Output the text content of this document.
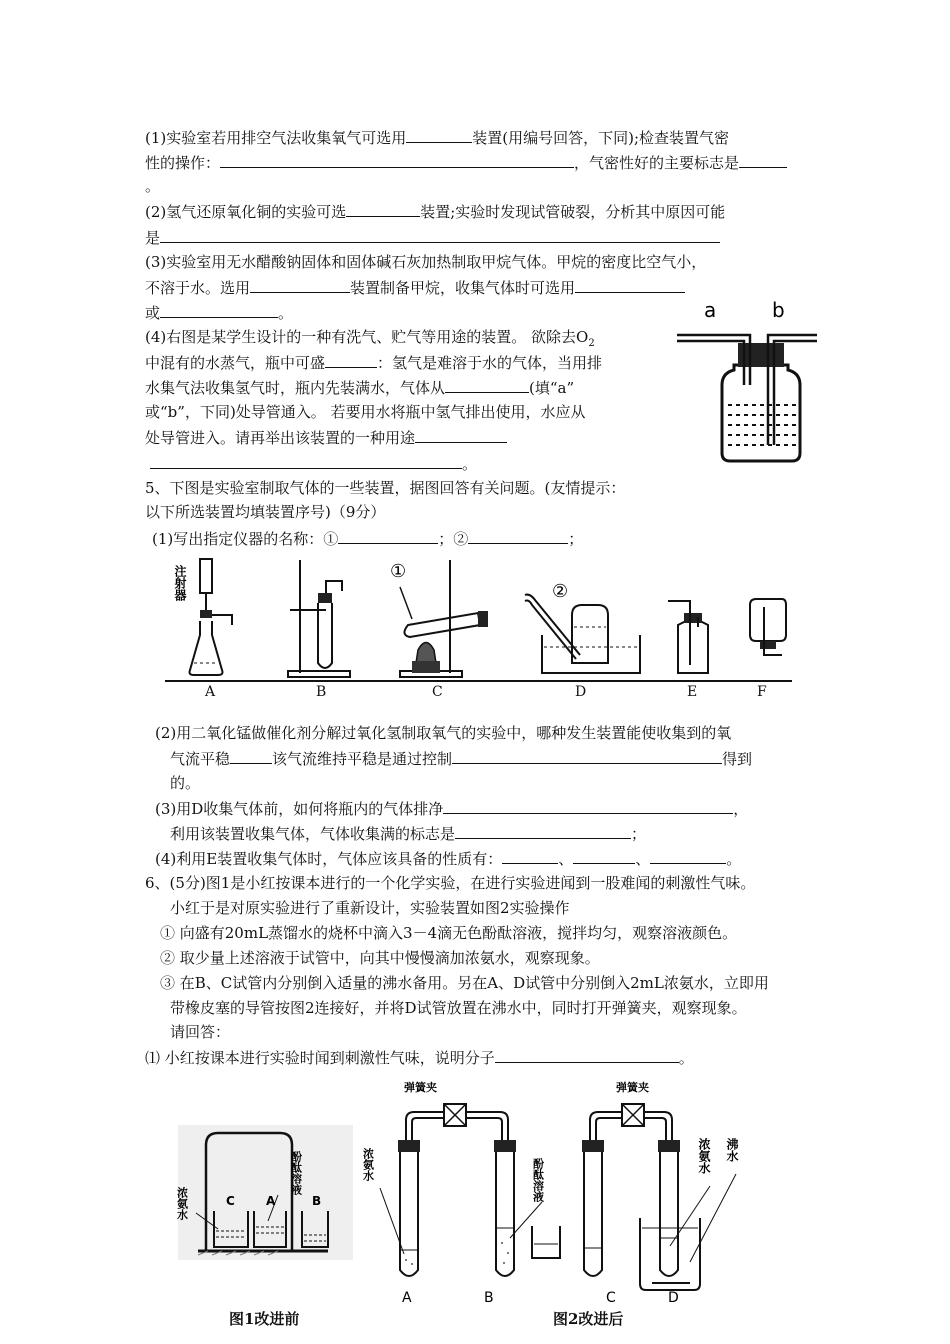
(1)实验室若用排空气法收集氧气可选用	装置(用编号回答，下同);检查装置气密
性的操作：	，气密性好的主要标志是
。
(2)氢气还原氧化铜的实验可选	装置;实验时发现试管破裂，分析其中原因可能
是
(3)实验室用无水醋酸钠固体和固体碱石灰加热制取甲烷气体。甲烷的密度比空气小，
不溶于水。选用	装置制备甲烷，收集气体时可选用
或	。
(4)右图是某学生设计的一种有洗气、贮气等用途的装置。 欲除去$O_2$
中混有的水蒸气，瓶中可盛	：氢气是难溶于水的气体，当用排
水集气法收集氢气时，瓶内先装满水，气体从	(填“a”
或“b”，下同)处导管通入。 若要用水将瓶中氢气排出使用，水应从
处导管进入。请再举出该装置的一种用途
。
a	b
5、下图是实验室制取气体的一些装置，据图回答有关问题。(友情提示：
以下所选装置均填装置序号)（9分）
(1)写出指定仪器的名称：①	；②	；
注射器	①
②
A	B	C	D	E	F
(2)用二氧化锰做催化剂分解过氧化氢制取氧气的实验中，哪种发生装置能使收集到的氧
气流平稳	该气流维持平稳是通过控制	得到
的。
(3)用D收集气体前，如何将瓶内的气体排净	，
利用该装置收集气体，气体收集满的标志是	；
(4)利用E装置收集气体时，气体应该具备的性质有：	、	、	。
6、(5分)图1是小红按课本进行的一个化学实验，在进行实验进闻到一股难闻的刺激性气味。
小红于是对原实验进行了重新设计，实验装置如图2实验操作
① 向盛有20mL蒸馏水的烧杯中滴入3－4滴无色酚酞溶液，搅拌均匀，观察溶液颜色。
② 取少量上述溶液于试管中，向其中慢慢滴加浓氨水，观察现象。
③ 在B、C试管内分别倒入适量的沸水备用。另在A、D试管中分别倒入2mL浓氨水，立即用
带橡皮塞的导管按图2连接好，并将D试管放置在沸水中，同时打开弹簧夹，观察现象。
请回答：
⑴ 小红按课本进行实验时闻到刺激性气味，说明分子	。
浓氨水
酚酞溶液
C	A	B
图1改进前
弹簧夹
浓氨水	酚酞溶液
弹簧夹
浓氨水 沸水
A	B	C	D
图2改进后
